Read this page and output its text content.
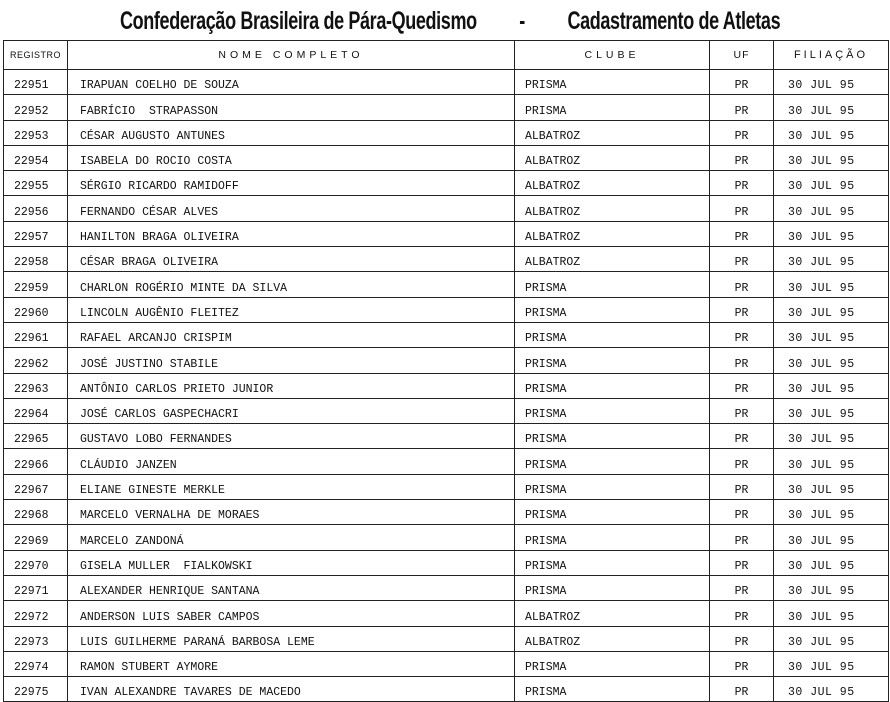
Confederação Brasileira de Pára-Quedismo - Cadastramento de Atletas
REGISTRO	NOME COMPLETO	CLUBE	UF	FILIAÇÃO
22951	IRAPUAN COELHO DE SOUZA	PRISMA	PR	30 JUL 95
22952	FABRÍCIO  STRAPASSON	PRISMA	PR	30 JUL 95
22953	CÉSAR AUGUSTO ANTUNES	ALBATROZ	PR	30 JUL 95
22954	ISABELA DO ROCIO COSTA	ALBATROZ	PR	30 JUL 95
22955	SÉRGIO RICARDO RAMIDOFF	ALBATROZ	PR	30 JUL 95
22956	FERNANDO CÉSAR ALVES	ALBATROZ	PR	30 JUL 95
22957	HANILTON BRAGA OLIVEIRA	ALBATROZ	PR	30 JUL 95
22958	CÉSAR BRAGA OLIVEIRA	ALBATROZ	PR	30 JUL 95
22959	CHARLON ROGÉRIO MINTE DA SILVA	PRISMA	PR	30 JUL 95
22960	LINCOLN AUGÊNIO FLEITEZ	PRISMA	PR	30 JUL 95
22961	RAFAEL ARCANJO CRISPIM	PRISMA	PR	30 JUL 95
22962	JOSÉ JUSTINO STABILE	PRISMA	PR	30 JUL 95
22963	ANTÔNIO CARLOS PRIETO JUNIOR	PRISMA	PR	30 JUL 95
22964	JOSÉ CARLOS GASPECHACRI	PRISMA	PR	30 JUL 95
22965	GUSTAVO LOBO FERNANDES	PRISMA	PR	30 JUL 95
22966	CLÁUDIO JANZEN	PRISMA	PR	30 JUL 95
22967	ELIANE GINESTE MERKLE	PRISMA	PR	30 JUL 95
22968	MARCELO VERNALHA DE MORAES	PRISMA	PR	30 JUL 95
22969	MARCELO ZANDONÁ	PRISMA	PR	30 JUL 95
22970	GISELA MULLER  FIALKOWSKI	PRISMA	PR	30 JUL 95
22971	ALEXANDER HENRIQUE SANTANA	PRISMA	PR	30 JUL 95
22972	ANDERSON LUIS SABER CAMPOS	ALBATROZ	PR	30 JUL 95
22973	LUIS GUILHERME PARANÁ BARBOSA LEME	ALBATROZ	PR	30 JUL 95
22974	RAMON STUBERT AYMORE	PRISMA	PR	30 JUL 95
22975	IVAN ALEXANDRE TAVARES DE MACEDO	PRISMA	PR	30 JUL 95
